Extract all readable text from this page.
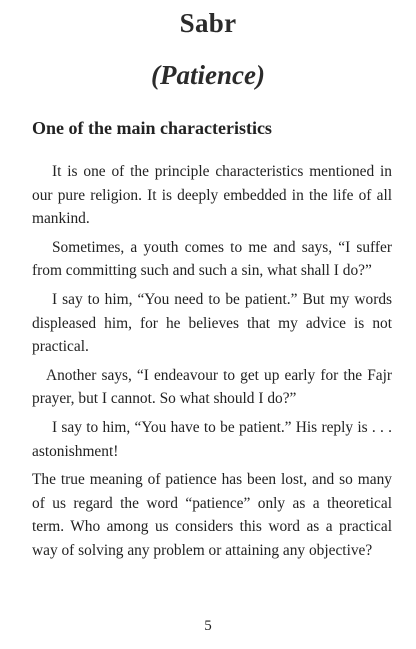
Sabr
(Patience)
One of the main characteristics

It is one of the principle characteristics mentioned in our pure religion. It is deeply embedded in the life of all mankind.

Sometimes, a youth comes to me and says, “I suffer from committing such and such a sin, what shall I do?”

I say to him, “You need to be patient.” But my words displeased him, for he believes that my advice is not practical.

Another says, “I endeavour to get up early for the Fajr prayer, but I cannot. So what should I do?”

I say to him, “You have to be patient.” His reply is . . . astonishment!

The true meaning of patience has been lost, and so many of us regard the word “patience” only as a theoretical term. Who among us considers this word as a practical way of solving any problem or attaining any objective?

5
